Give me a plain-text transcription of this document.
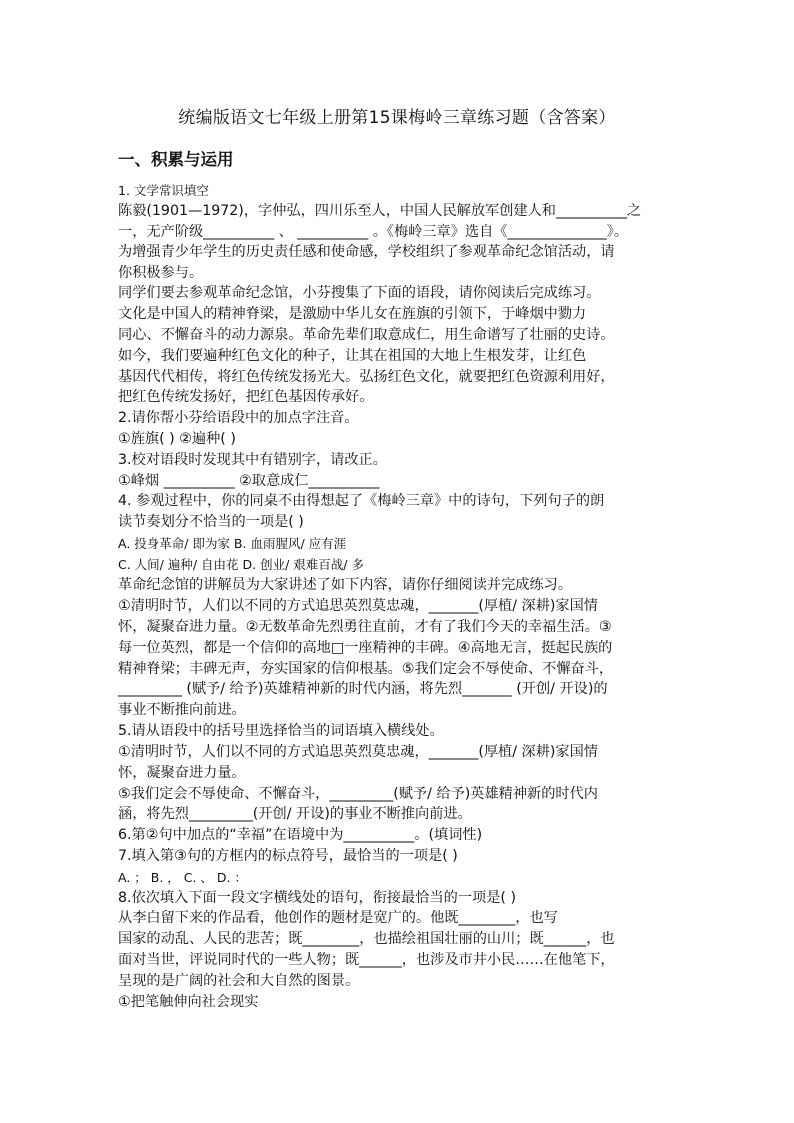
统编版语文七年级上册第15课梅岭三章练习题（含答案）
一、积累与运用
1. 文学常识填空
陈毅(1901—1972)，字仲弘，四川乐至人，中国人民解放军创建人和__________之
一，无产阶级__________ 、 __________ 。《梅岭三章》选自《______________》。
为增强青少年学生的历史责任感和使命感，学校组织了参观革命纪念馆活动，请
你积极参与。
同学们要去参观革命纪念馆，小芬搜集了下面的语段，请你阅读后完成练习。
文化是中国人的精神脊梁，是激励中华儿女在旌旗的引领下，于峰烟中勠力
同心、不懈奋斗的动力源泉。革命先辈们取意成仁，用生命谱写了壮丽的史诗。
如今，我们要遍种红色文化的种子，让其在祖国的大地上生根发芽，让红色
基因代代相传，将红色传统发扬光大。弘扬红色文化，就要把红色资源利用好，
把红色传统发扬好，把红色基因传承好。
2.请你帮小芬给语段中的加点字注音。
①旌旗( ) ②遍种( )
3.校对语段时发现其中有错别字，请改正。
①峰烟 __________ ②取意成仁__________
4. 参观过程中，你的同桌不由得想起了《梅岭三章》中的诗句，下列句子的朗
读节奏划分不恰当的一项是( )
A. 投身革命/ 即为家 B. 血雨腥风/ 应有涯
C. 人间/ 遍种/ 自由花 D. 创业/ 艰难百战/ 多
革命纪念馆的讲解员为大家讲述了如下内容，请你仔细阅读并完成练习。
①清明时节，人们以不同的方式追思英烈莫忠魂，_______(厚植/ 深耕)家国情
怀，凝聚奋进力量。②无数革命先烈勇往直前，才有了我们今天的幸福生活。③
每一位英烈，都是一个信仰的高地□一座精神的丰碑。④高地无言，挺起民族的
精神脊梁；丰碑无声，夯实国家的信仰根基。⑤我们定会不辱使命、不懈奋斗，
_________ (赋予/ 给予)英雄精神新的时代内涵，将先烈_______ (开创/ 开设)的
事业不断推向前进。
5.请从语段中的括号里选择恰当的词语填入横线处。
①清明时节，人们以不同的方式追思英烈莫忠魂，_______(厚植/ 深耕)家国情
怀，凝聚奋进力量。
⑤我们定会不辱使命、不懈奋斗，_________(赋予/ 给予)英雄精神新的时代内
涵，将先烈_________(开创/ 开设)的事业不断推向前进。
6.第②句中加点的“幸福”在语境中为__________。(填词性)
7.填入第③句的方框内的标点符号，最恰当的一项是( )
A. ； B. ， C. 、 D. ：
8.依次填入下面一段文字横线处的语句，衔接最恰当的一项是( )
从李白留下来的作品看，他创作的题材是宽广的。他既________，也写
国家的动乱、人民的悲苦；既________，也描绘祖国壮丽的山川；既______，也
面对当世，评说同时代的一些人物；既______，也涉及市井小民……在他笔下，
呈现的是广阔的社会和大自然的图景。
①把笔触伸向社会现实
